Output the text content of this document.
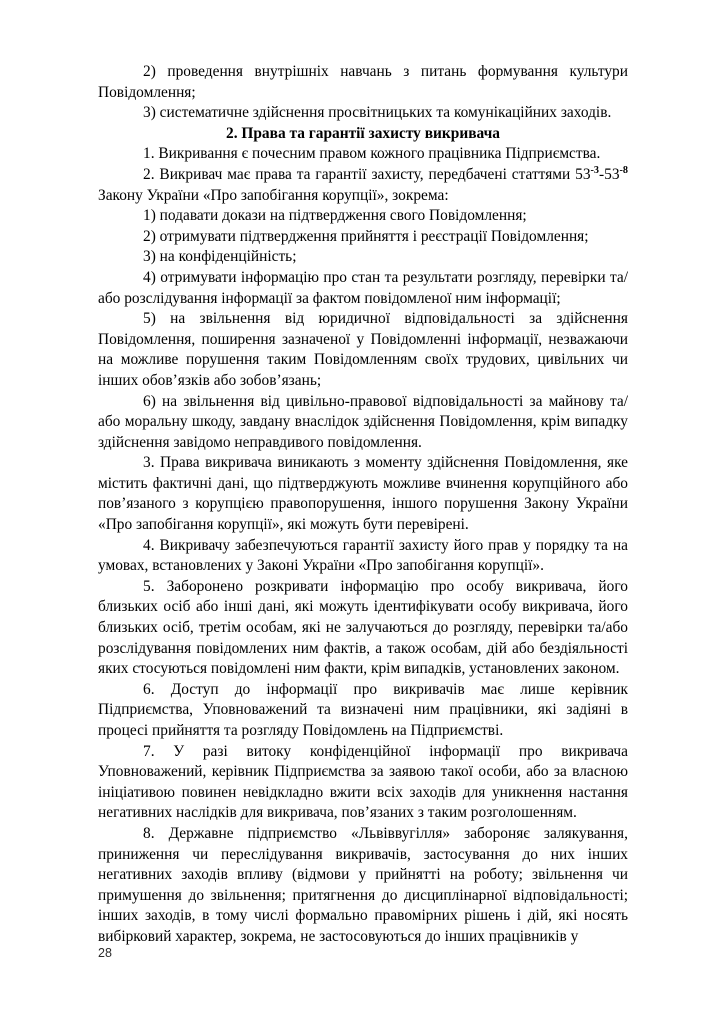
2) проведення внутрішніх навчань з питань формування культури Повідомлення;

3) систематичне здійснення просвітницьких та комунікаційних заходів.

2. Права та гарантії захисту викривача

1. Викривання є почесним правом кожного працівника Підприємства.

2. Викривач має права та гарантії захисту, передбачені статтями $53^{-3}-53^{-8}$ Закону України «Про запобігання корупції», зокрема:

1) подавати докази на підтвердження свого Повідомлення;

2) отримувати підтвердження прийняття і реєстрації Повідомлення;

3) на конфіденційність;

4) отримувати інформацію про стан та результати розгляду, перевірки та/або розслідування інформації за фактом повідомленої ним інформації;

5) на звільнення від юридичної відповідальності за здійснення Повідомлення, поширення зазначеної у Повідомленні інформації, незважаючи на можливе порушення таким Повідомленням своїх трудових, цивільних чи інших обов’язків або зобов’язань;

6) на звільнення від цивільно-правової відповідальності за майнову та/або моральну шкоду, завдану внаслідок здійснення Повідомлення, крім випадку здійснення завідомо неправдивого повідомлення.

3. Права викривача виникають з моменту здійснення Повідомлення, яке містить фактичні дані, що підтверджують можливе вчинення корупційного або пов’язаного з корупцією правопорушення, іншого порушення Закону України «Про запобігання корупції», які можуть бути перевірені.

4. Викривачу забезпечуються гарантії захисту його прав у порядку та на умовах, встановлених у Законі України «Про запобігання корупції».

5. Заборонено розкривати інформацію про особу викривача, його близьких осіб або інші дані, які можуть ідентифікувати особу викривача, його близьких осіб, третім особам, які не залучаються до розгляду, перевірки та/або розслідування повідомлених ним фактів, а також особам, дій або бездіяльності яких стосуються повідомлені ним факти, крім випадків, установлених законом.

6. Доступ до інформації про викривачів має лише керівник Підприємства, Уповноважений та визначені ним працівники, які задіяні в процесі прийняття та розгляду Повідомлень на Підприємстві.

7. У разі витоку конфіденційної інформації про викривача Уповноважений, керівник Підприємства за заявою такої особи, або за власною ініціативою повинен невідкладно вжити всіх заходів для уникнення настання негативних наслідків для викривача, пов’язаних з таким розголошенням.

8. Державне підприємство «Львіввугілля» забороняє залякування, приниження чи переслідування викривачів, застосування до них інших негативних заходів впливу (відмови у прийнятті на роботу; звільнення чи примушення до звільнення; притягнення до дисциплінарної відповідальності; інших заходів, в тому числі формально правомірних рішень і дій, які носять вибірковий характер, зокрема, не застосовуються до інших працівників у

28
